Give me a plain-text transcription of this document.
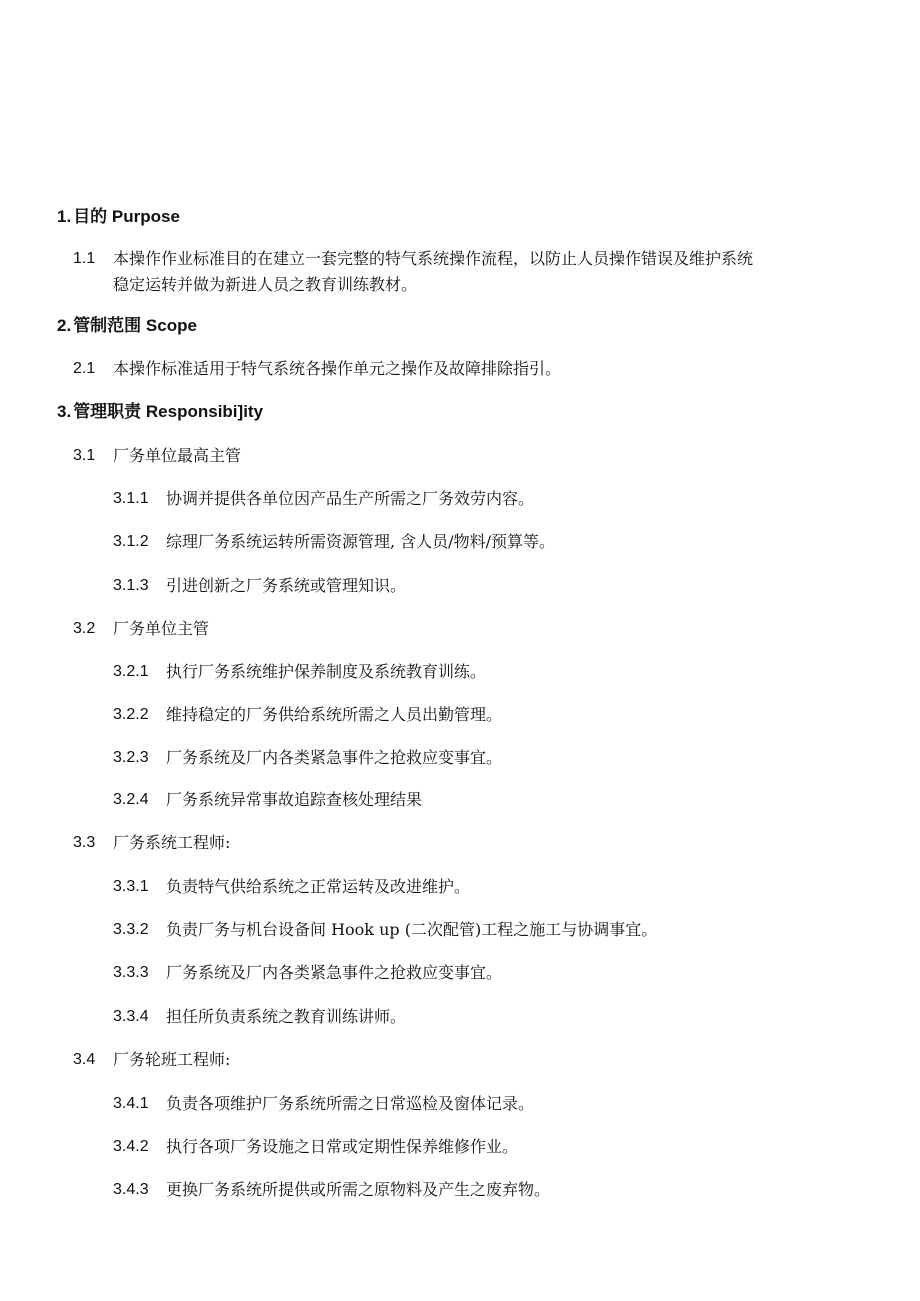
1. 目的 Purpose
1.1 本操作作业标准目的在建立一套完整的特气系统操作流程，以防止人员操作错误及维护系统
稳定运转并做为新进人员之教育训练教材。
2. 管制范围 Scope
2.1 本操作标准适用于特气系统各操作单元之操作及故障排除指引。
3. 管理职责 Responsibi]ity
3.1 厂务单位最高主管
3.1.1 协调并提供各单位因产品生产所需之厂务效劳内容。
3.1.2 综理厂务系统运转所需资源管理, 含人员/物料/预算等。
3.1.3 引进创新之厂务系统或管理知识。
3.2 厂务单位主管
3.2.1 执行厂务系统维护保养制度及系统教育训练。
3.2.2 维持稳定的厂务供给系统所需之人员出勤管理。
3.2.3 厂务系统及厂内各类紧急事件之抢救应变事宜。
3.2.4 厂务系统异常事故追踪查核处理结果
3.3 厂务系统工程师:
3.3.1 负责特气供给系统之正常运转及改进维护。
3.3.2 负责厂务与机台设备间 Hook up (二次配管)工程之施工与协调事宜。
3.3.3 厂务系统及厂内各类紧急事件之抢救应变事宜。
3.3.4 担任所负责系统之教育训练讲师。
3.4 厂务轮班工程师:
3.4.1 负责各项维护厂务系统所需之日常巡检及窗体记录。
3.4.2 执行各项厂务设施之日常或定期性保养维修作业。
3.4.3 更换厂务系统所提供或所需之原物料及产生之废弃物。
